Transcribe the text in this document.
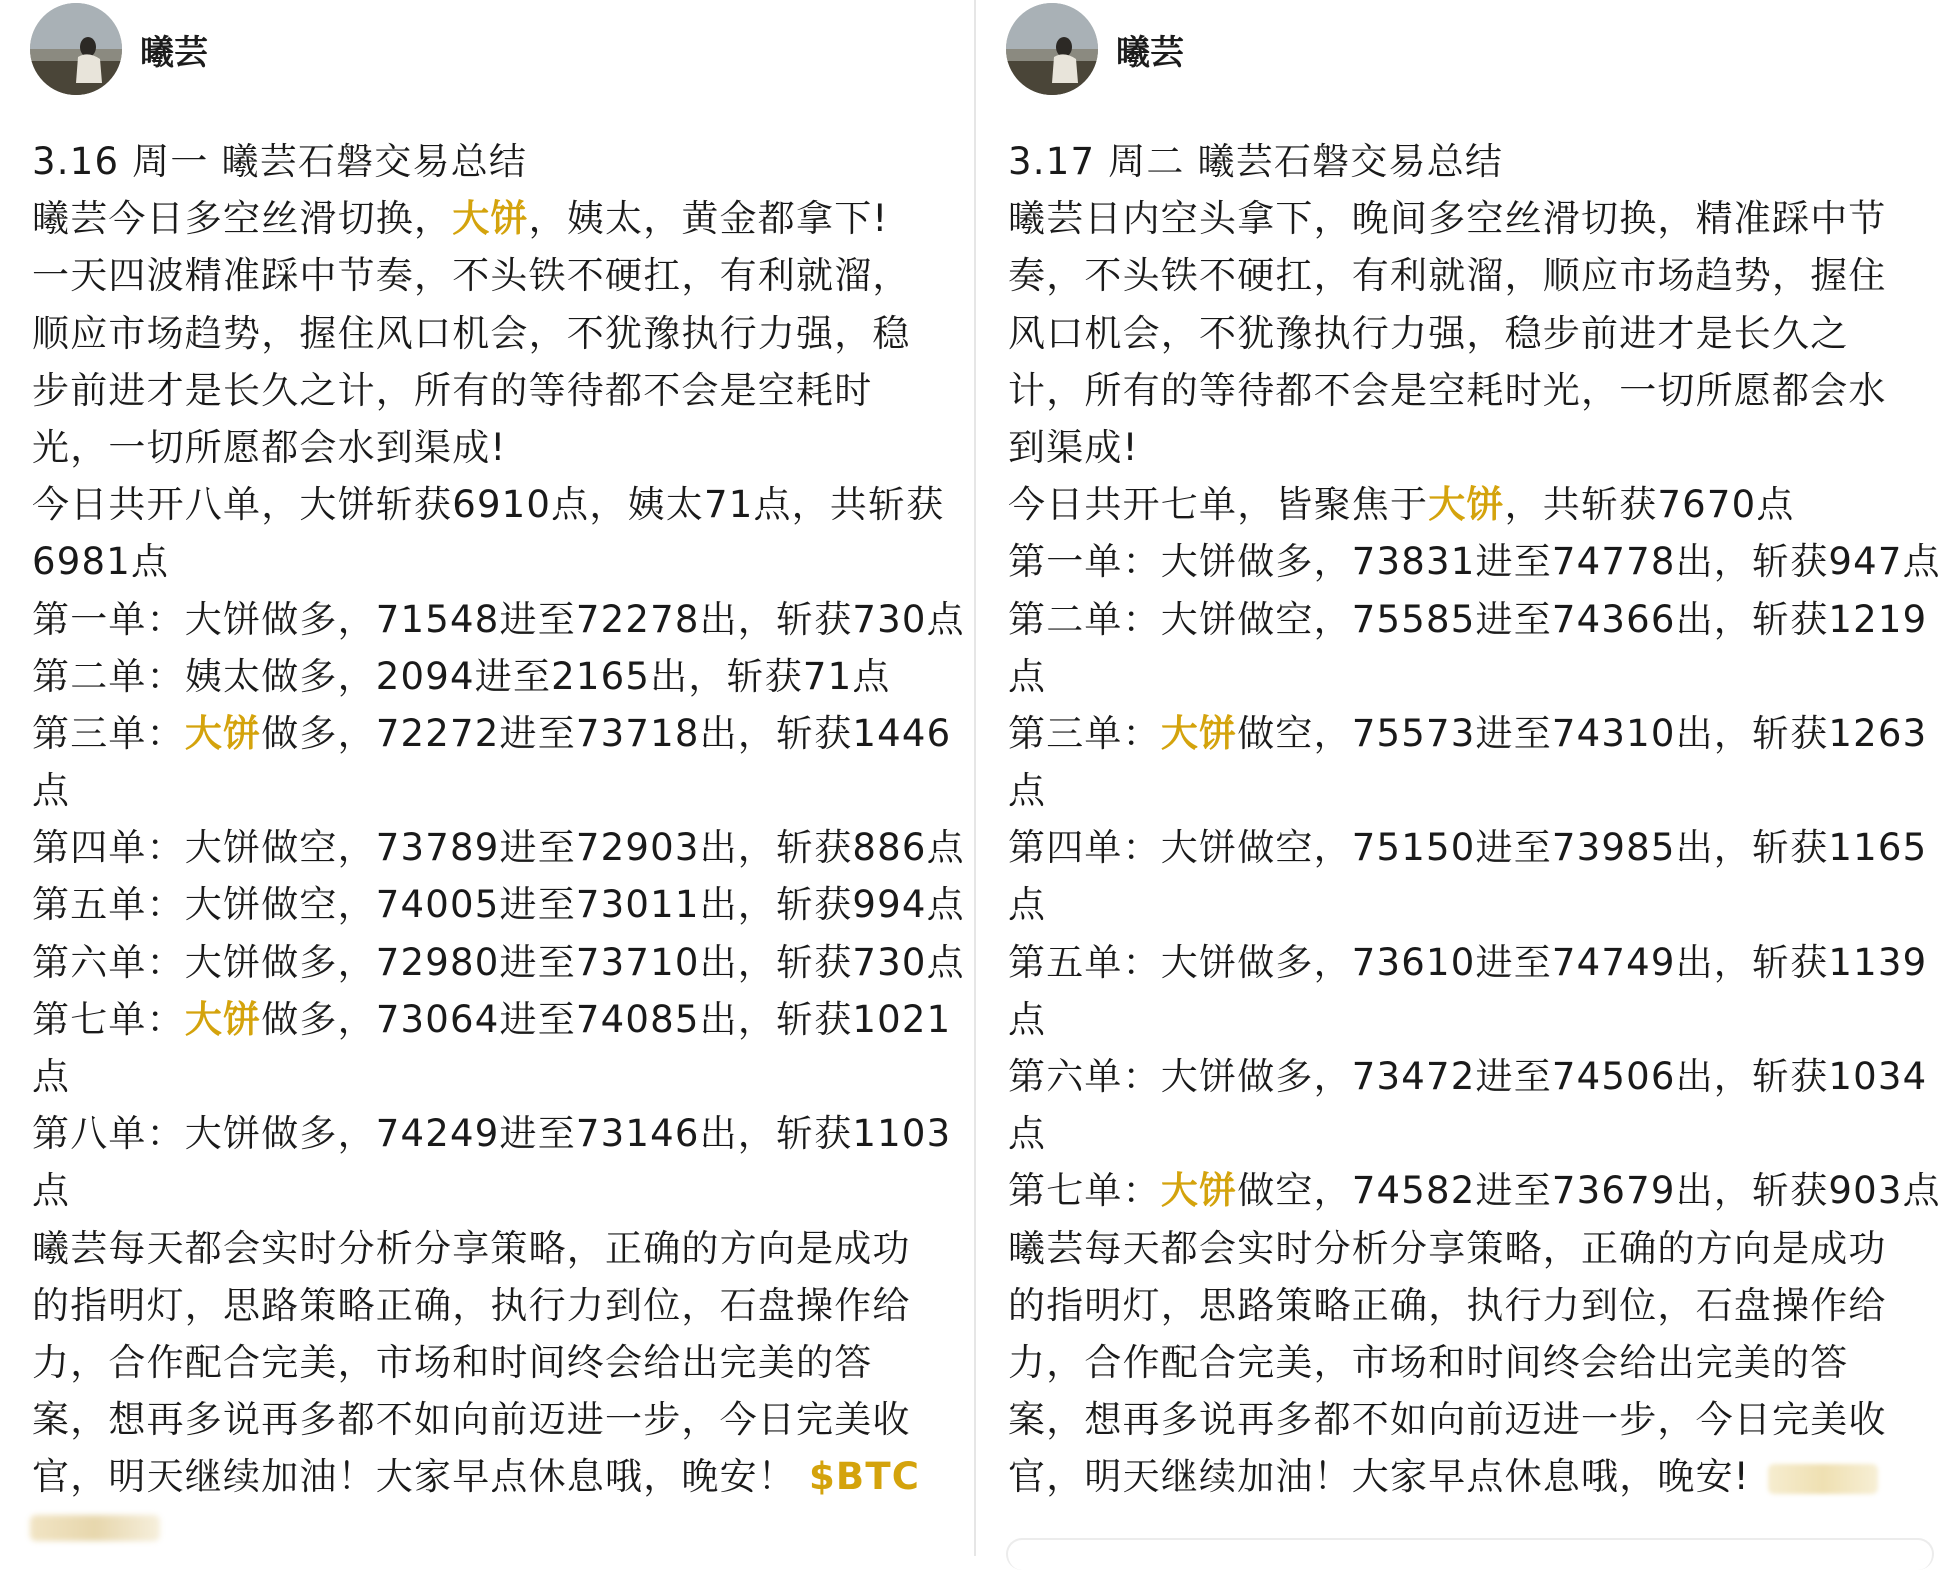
曦芸
3.16 周一 曦芸石磐交易总结
曦芸今日多空丝滑切换，大饼，姨太，黄金都拿下!
一天四波精准踩中节奏，不头铁不硬扛，有利就溜，
顺应市场趋势，握住风口机会，不犹豫执行力强，稳
步前进才是长久之计，所有的等待都不会是空耗时
光，一切所愿都会水到渠成!
今日共开八单，大饼斩获6910点，姨太71点，共斩获
6981点
第一单：大饼做多，71548进至72278出，斩获730点
第二单：姨太做多，2094进至2165出，斩获71点
第三单：大饼做多，72272进至73718出，斩获1446
点
第四单：大饼做空，73789进至72903出，斩获886点
第五单：大饼做空，74005进至73011出，斩获994点
第六单：大饼做多，72980进至73710出，斩获730点
第七单：大饼做多，73064进至74085出，斩获1021
点
第八单：大饼做多，74249进至73146出，斩获1103
点
曦芸每天都会实时分析分享策略，正确的方向是成功
的指明灯，思路策略正确，执行力到位，石盘操作给
力，合作配合完美，市场和时间终会给出完美的答
案，想再多说再多都不如向前迈进一步，今日完美收
官，明天继续加油！大家早点休息哦，晚安！ $BTC
曦芸
3.17 周二 曦芸石磐交易总结
曦芸日内空头拿下，晚间多空丝滑切换，精准踩中节
奏，不头铁不硬扛，有利就溜，顺应市场趋势，握住
风口机会，不犹豫执行力强，稳步前进才是长久之
计，所有的等待都不会是空耗时光，一切所愿都会水
到渠成!
今日共开七单，皆聚焦于大饼，共斩获7670点
第一单：大饼做多，73831进至74778出，斩获947点
第二单：大饼做空，75585进至74366出，斩获1219
点
第三单：大饼做空，75573进至74310出，斩获1263
点
第四单：大饼做空，75150进至73985出，斩获1165
点
第五单：大饼做多，73610进至74749出，斩获1139
点
第六单：大饼做多，73472进至74506出，斩获1034
点
第七单：大饼做空，74582进至73679出，斩获903点
曦芸每天都会实时分析分享策略，正确的方向是成功
的指明灯，思路策略正确，执行力到位，石盘操作给
力，合作配合完美，市场和时间终会给出完美的答
案，想再多说再多都不如向前迈进一步，今日完美收
官，明天继续加油！大家早点休息哦，晚安!
